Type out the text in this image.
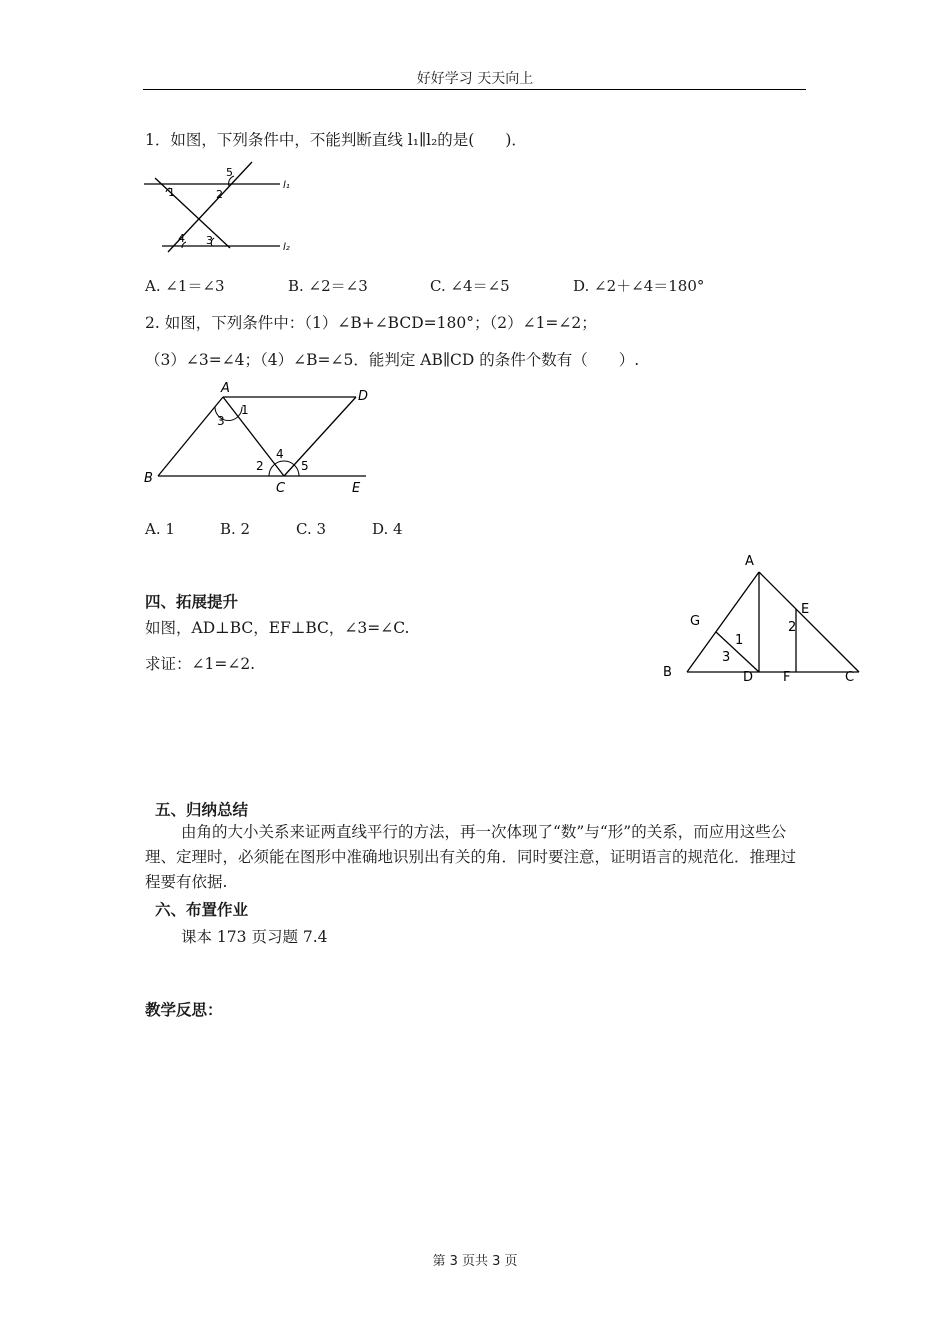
好好学习 天天向上
1．如图，下列条件中，不能判断直线 l₁∥l₂的是(　　)．
5
1	2
4 3
l₁
l₂
A. ∠1＝∠3	B. ∠2＝∠3	C. ∠4＝∠5	D. ∠2＋∠4＝180°
2. 如图，下列条件中：（1）∠B+∠BCD=180°；（2）∠1=∠2；
（3）∠3=∠4；（4）∠B=∠5．能判定 AB∥CD 的条件个数有（　　）.
A
D
B
C	E
1
3
2
4
5
A. 1	B. 2	C. 3	D. 4
四、拓展提升
如图，AD⊥BC，EF⊥BC，∠3=∠C.
求证：∠1=∠2.
A
G
E
B	D F	C
1
2
3
五、归纳总结
由角的大小关系来证两直线平行的方法，再一次体现了“数”与“形”的关系，而应用这些公理、定理时，必须能在图形中准确地识别出有关的角．同时要注意，证明语言的规范化．推理过程要有依据.
六、布置作业
课本 173 页习题 7.4
教学反思：
第 3 页共 3 页
